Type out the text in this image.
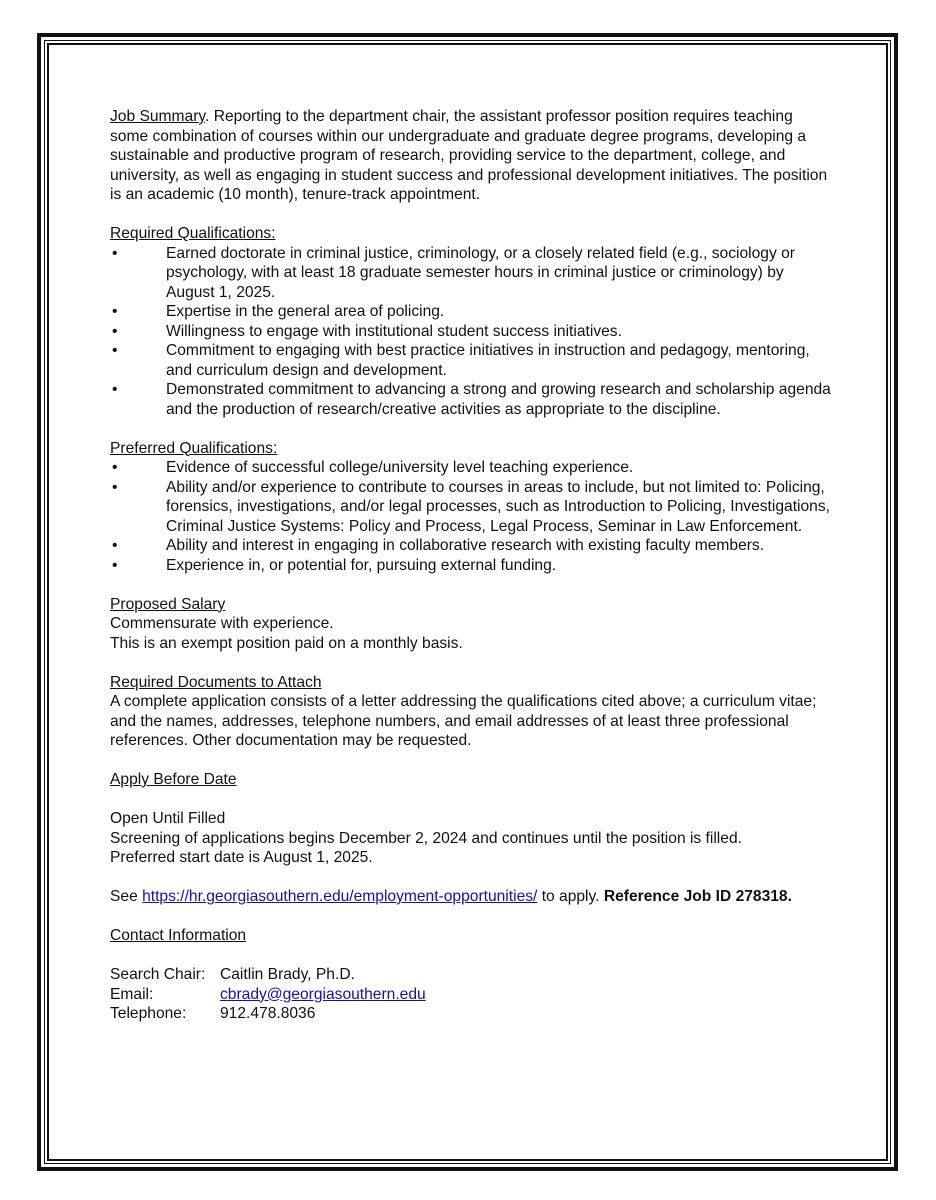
Job Summary. Reporting to the department chair, the assistant professor position requires teaching some combination of courses within our undergraduate and graduate degree programs, developing a sustainable and productive program of research, providing service to the department, college, and university, as well as engaging in student success and professional development initiatives. The position is an academic (10 month), tenure-track appointment.

Required Qualifications:
• Earned doctorate in criminal justice, criminology, or a closely related field (e.g., sociology or psychology, with at least 18 graduate semester hours in criminal justice or criminology) by August 1, 2025.
• Expertise in the general area of policing.
• Willingness to engage with institutional student success initiatives.
• Commitment to engaging with best practice initiatives in instruction and pedagogy, mentoring, and curriculum design and development.
• Demonstrated commitment to advancing a strong and growing research and scholarship agenda and the production of research/creative activities as appropriate to the discipline.
Preferred Qualifications:
• Evidence of successful college/university level teaching experience.
• Ability and/or experience to contribute to courses in areas to include, but not limited to: Policing, forensics, investigations, and/or legal processes, such as Introduction to Policing, Investigations, Criminal Justice Systems: Policy and Process, Legal Process, Seminar in Law Enforcement.
• Ability and interest in engaging in collaborative research with existing faculty members.
• Experience in, or potential for, pursuing external funding.
Proposed Salary
Commensurate with experience.
This is an exempt position paid on a monthly basis.
Required Documents to Attach
A complete application consists of a letter addressing the qualifications cited above; a curriculum vitae; and the names, addresses, telephone numbers, and email addresses of at least three professional references. Other documentation may be requested.
Apply Before Date
Open Until Filled
Screening of applications begins December 2, 2024 and continues until the position is filled.
Preferred start date is August 1, 2025.
See https://hr.georgiasouthern.edu/employment-opportunities/ to apply. Reference Job ID 278318.
Contact Information
Search Chair: Caitlin Brady, Ph.D.
Email:	cbrady@georgiasouthern.edu
Telephone:	912.478.8036
